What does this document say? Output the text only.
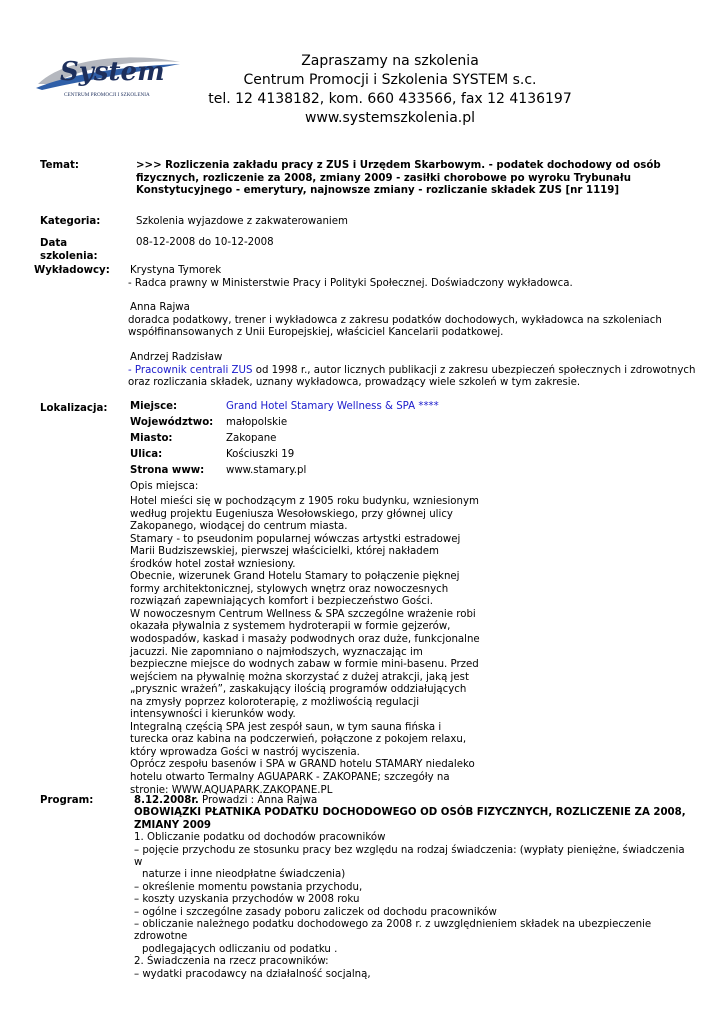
System
CENTRUM PROMOCJI I SZKOLENIA
Zapraszamy na szkolenia
Centrum Promocji i Szkolenia SYSTEM s.c.
tel. 12 4138182, kom. 660 433566, fax 12 4136197
www.systemszkolenia.pl
Temat:	>>> Rozliczenia zakładu pracy z ZUS i Urzędem Skarbowym. - podatek dochodowy od osób fizycznych, rozliczenie za 2008, zmiany 2009 - zasiłki chorobowe po wyroku Trybunału Konstytucyjnego - emerytury, najnowsze zmiany - rozliczanie składek ZUS [nr 1119]
Kategoria:	Szkolenia wyjazdowe z zakwaterowaniem
Data
szkolenia:
08-12-2008 do 10-12-2008
Wykładowcy: Krystyna Tymorek
- Radca prawny w Ministerstwie Pracy i Polityki Społecznej. Doświadczony wykładowca.
Anna Rajwa
doradca podatkowy, trener i wykładowca z zakresu podatków dochodowych, wykładowca na szkoleniach
współfinansowanych z Unii Europejskiej, właściciel Kancelarii podatkowej.
Andrzej Radzisław
- Pracownik centrali ZUS od 1998 r., autor licznych publikacji z zakresu ubezpieczeń społecznych i zdrowotnych
oraz rozliczania składek, uznany wykładowca, prowadzący wiele szkoleń w tym zakresie.
Lokalizacja: Miejsce:	Grand Hotel Stamary Wellness & SPA ****
Województwo: małopolskie
Miasto:	Zakopane
Ulica:	Kościuszki 19
Strona www: www.stamary.pl
Opis miejsca:
Hotel mieści się w pochodzącym z 1905 roku budynku, wzniesionym
według projektu Eugeniusza Wesołowskiego, przy głównej ulicy
Zakopanego, wiodącej do centrum miasta.
Stamary - to pseudonim popularnej wówczas artystki estradowej
Marii Budziszewskiej, pierwszej właścicielki, której nakładem
środków hotel został wzniesiony.
Obecnie, wizerunek Grand Hotelu Stamary to połączenie pięknej
formy architektonicznej, stylowych wnętrz oraz nowoczesnych
rozwiązań zapewniających komfort i bezpieczeństwo Gości.
W nowoczesnym Centrum Wellness & SPA szczególne wrażenie robi
okazała pływalnia z systemem hydroterapii w formie gejzerów,
wodospadów, kaskad i masaży podwodnych oraz duże, funkcjonalne
jacuzzi. Nie zapomniano o najmłodszych, wyznaczając im
bezpieczne miejsce do wodnych zabaw w formie mini-basenu. Przed
wejściem na pływalnię można skorzystać z dużej atrakcji, jaką jest
„prysznic wrażeń”, zaskakujący ilością programów oddziałujących
na zmysły poprzez koloroterapię, z możliwością regulacji
intensywności i kierunków wody.
Integralną częścią SPA jest zespół saun, w tym sauna fińska i
turecka oraz kabina na podczerwień, połączone z pokojem relaxu,
który wprowadza Gości w nastrój wyciszenia.
Oprócz zespołu basenów i SPA w GRAND hotelu STAMARY niedaleko
hotelu otwarto Termalny AGUAPARK - ZAKOPANE; szczegóły na
stronie: WWW.AQUAPARK.ZAKOPANE.PL
Program:	8.12.2008r. Prowadzi : Anna Rajwa
OBOWIĄZKI PŁATNIKA PODATKU DOCHODOWEGO OD OSÓB FIZYCZNYCH, ROZLICZENIE ZA 2008,
ZMIANY 2009
1. Obliczanie podatku od dochodów pracowników
– pojęcie przychodu ze stosunku pracy bez względu na rodzaj świadczenia: (wypłaty pieniężne, świadczenia w
naturze i inne nieodpłatne świadczenia)
– określenie momentu powstania przychodu,
– koszty uzyskania przychodów w 2008 roku
– ogólne i szczególne zasady poboru zaliczek od dochodu pracowników
– obliczanie należnego podatku dochodowego za 2008 r. z uwzględnieniem składek na ubezpieczenie zdrowotne
podlegających odliczaniu od podatku .
2. Świadczenia na rzecz pracowników:
– wydatki pracodawcy na działalność socjalną,
